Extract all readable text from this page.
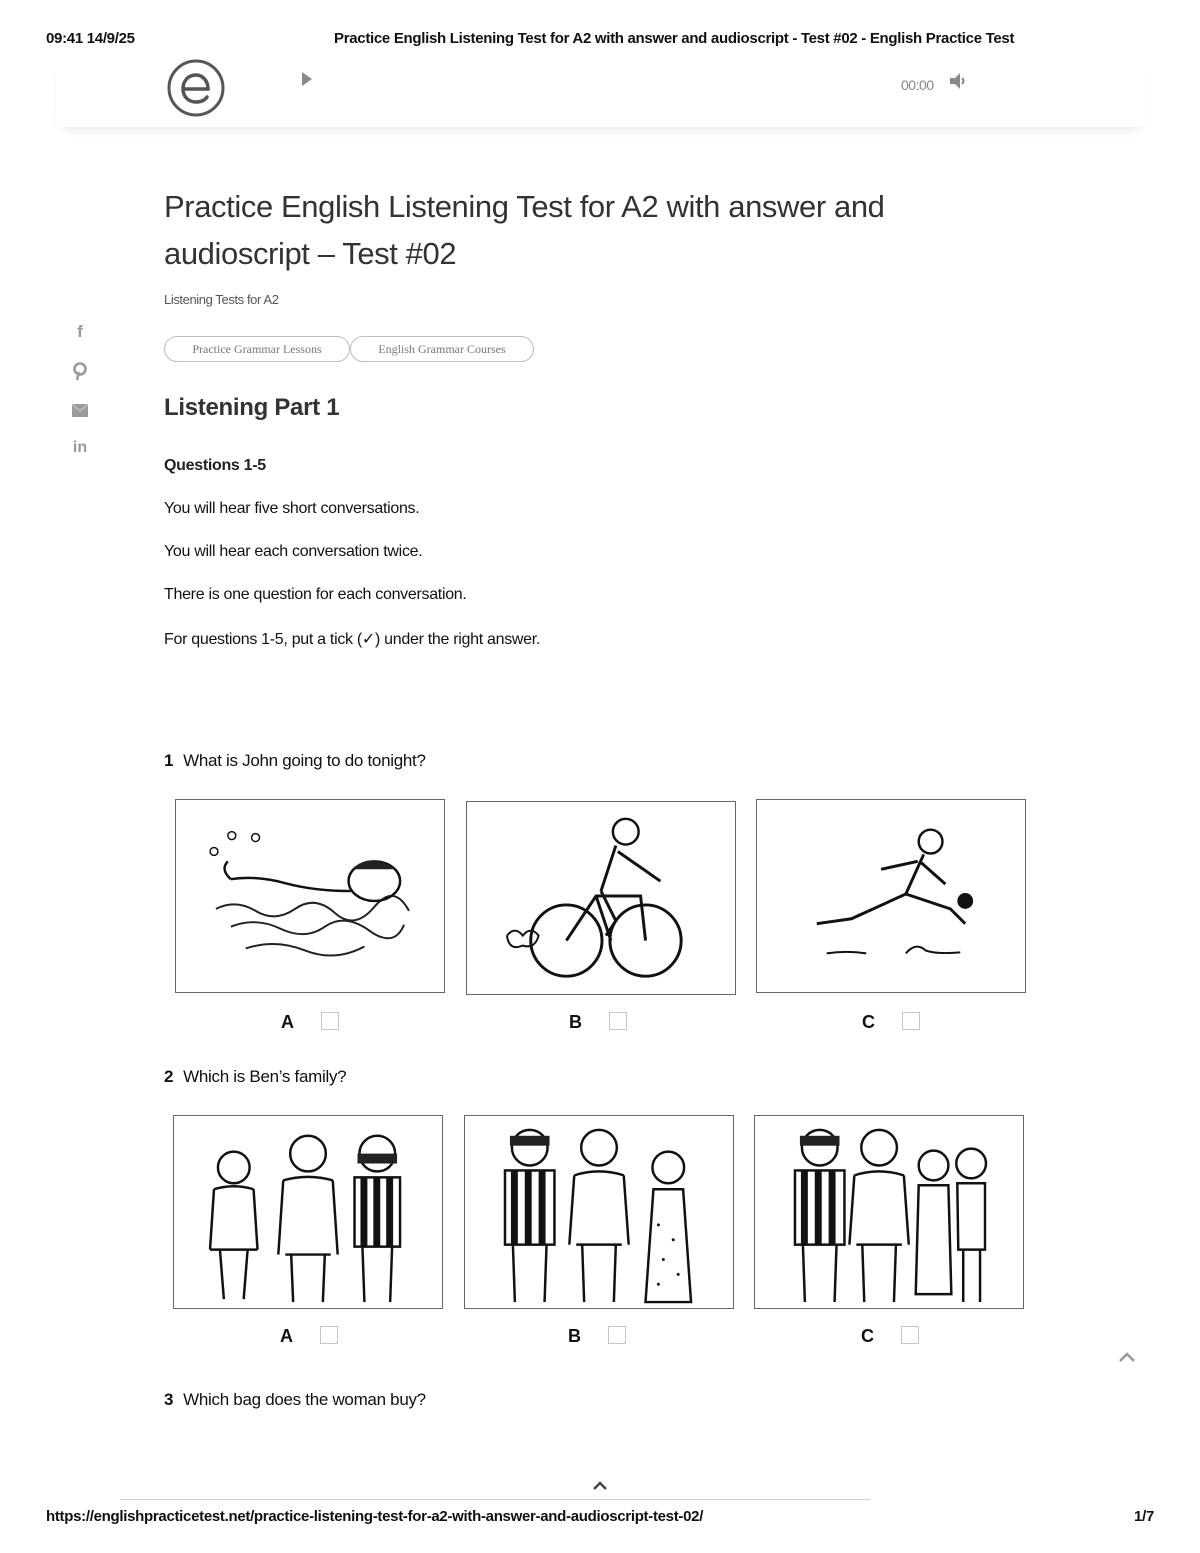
09:41 14/9/25	Practice English Listening Test for A2 with answer and audioscript - Test #02 - English Practice Test
00:00
f
in
Practice English Listening Test for A2 with answer and audioscript – Test #02
Listening Tests for A2
Practice Grammar Lessons	English Grammar Courses
Listening Part 1
Questions 1-5
You will hear five short conversations.
You will hear each conversation twice.
There is one question for each conversation.
For questions 1-5, put a tick (✓) under the right answer.
1 What is John going to do tonight?
A	B	C
2 Which is Ben’s family?
A	B	C
3 Which bag does the woman buy?
https://englishpracticetest.net/practice-listening-test-for-a2-with-answer-and-audioscript-test-02/	1/7
